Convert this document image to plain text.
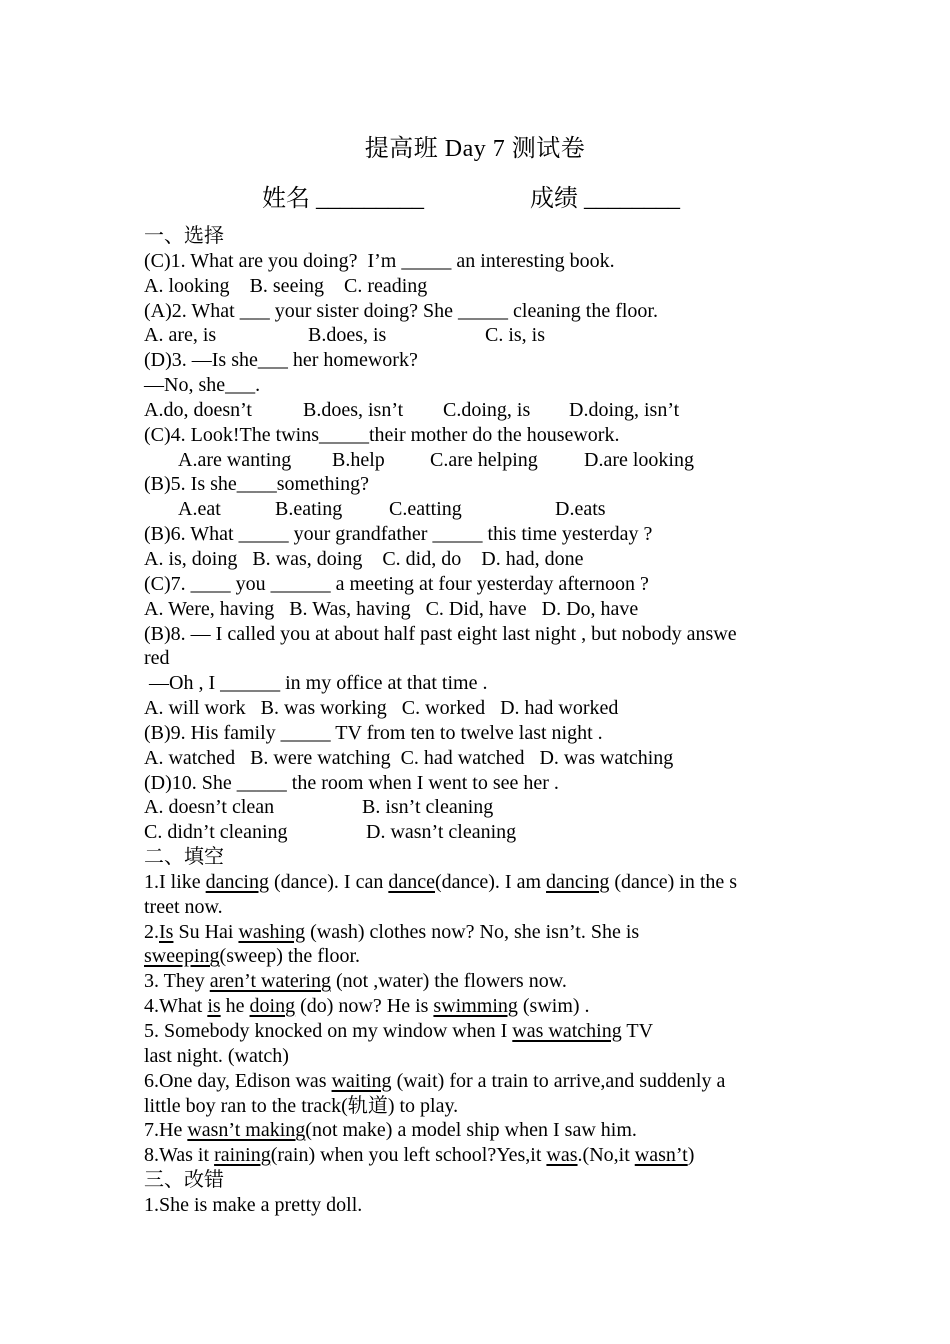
提高班 Day 7 测试卷
姓名 _________	成绩 ________
一、选择
(C)1. What are you doing?  I’m _____ an interesting book.
A. looking B. seeing C. reading
(A)2. What ___ your sister doing? She _____ cleaning the floor.
A. are, is	B.does, is	C. is, is
(D)3. —Is she___ her homework?
—No, she___.
A.do, doesn’t	B.does, isn’t C.doing, is D.doing, isn’t
(C)4. Look!The twins_____their mother do the housework.
A.are wanting B.help C.are helping D.are looking
(B)5. Is she____something?
A.eat	B.eating C.eatting	D.eats
(B)6. What _____ your grandfather _____ this time yesterday ?
A. is, doing B. was, doing C. did, do D. had, done
(C)7. ____ you ______ a meeting at four yesterday afternoon ?
A. Were, having B. Was, having C. Did, have D. Do, have
(B)8. — I called you at about half past eight last night , but nobody answe
red
—Oh , I ______ in my office at that time .
A. will work B. was working C. worked D. had worked
(B)9. His family _____ TV from ten to twelve last night .
A. watched B. were watching C. had watched D. was watching
(D)10. She _____ the room when I went to see her .
A. doesn’t clean	B. isn’t cleaning
C. didn’t cleaning	D. wasn’t cleaning
二、填空
1.I like dancing (dance). I can dance(dance). I am dancing (dance) in the s
treet now.
2.Is Su Hai washing (wash) clothes now? No, she isn’t. She is
sweeping(sweep) the floor.
3. They aren’t watering (not ,water) the flowers now.
4.What is he doing (do) now? He is swimming (swim) .
5. Somebody knocked on my window when I was watching TV
last night. (watch)
6.One day, Edison was waiting (wait) for a train to arrive,and suddenly a
little boy ran to the track(轨道) to play.
7.He wasn’t making(not make) a model ship when I saw him.
8.Was it raining(rain) when you left school?Yes,it was.(No,it wasn’t)
三、改错
1.She is make a pretty doll.
